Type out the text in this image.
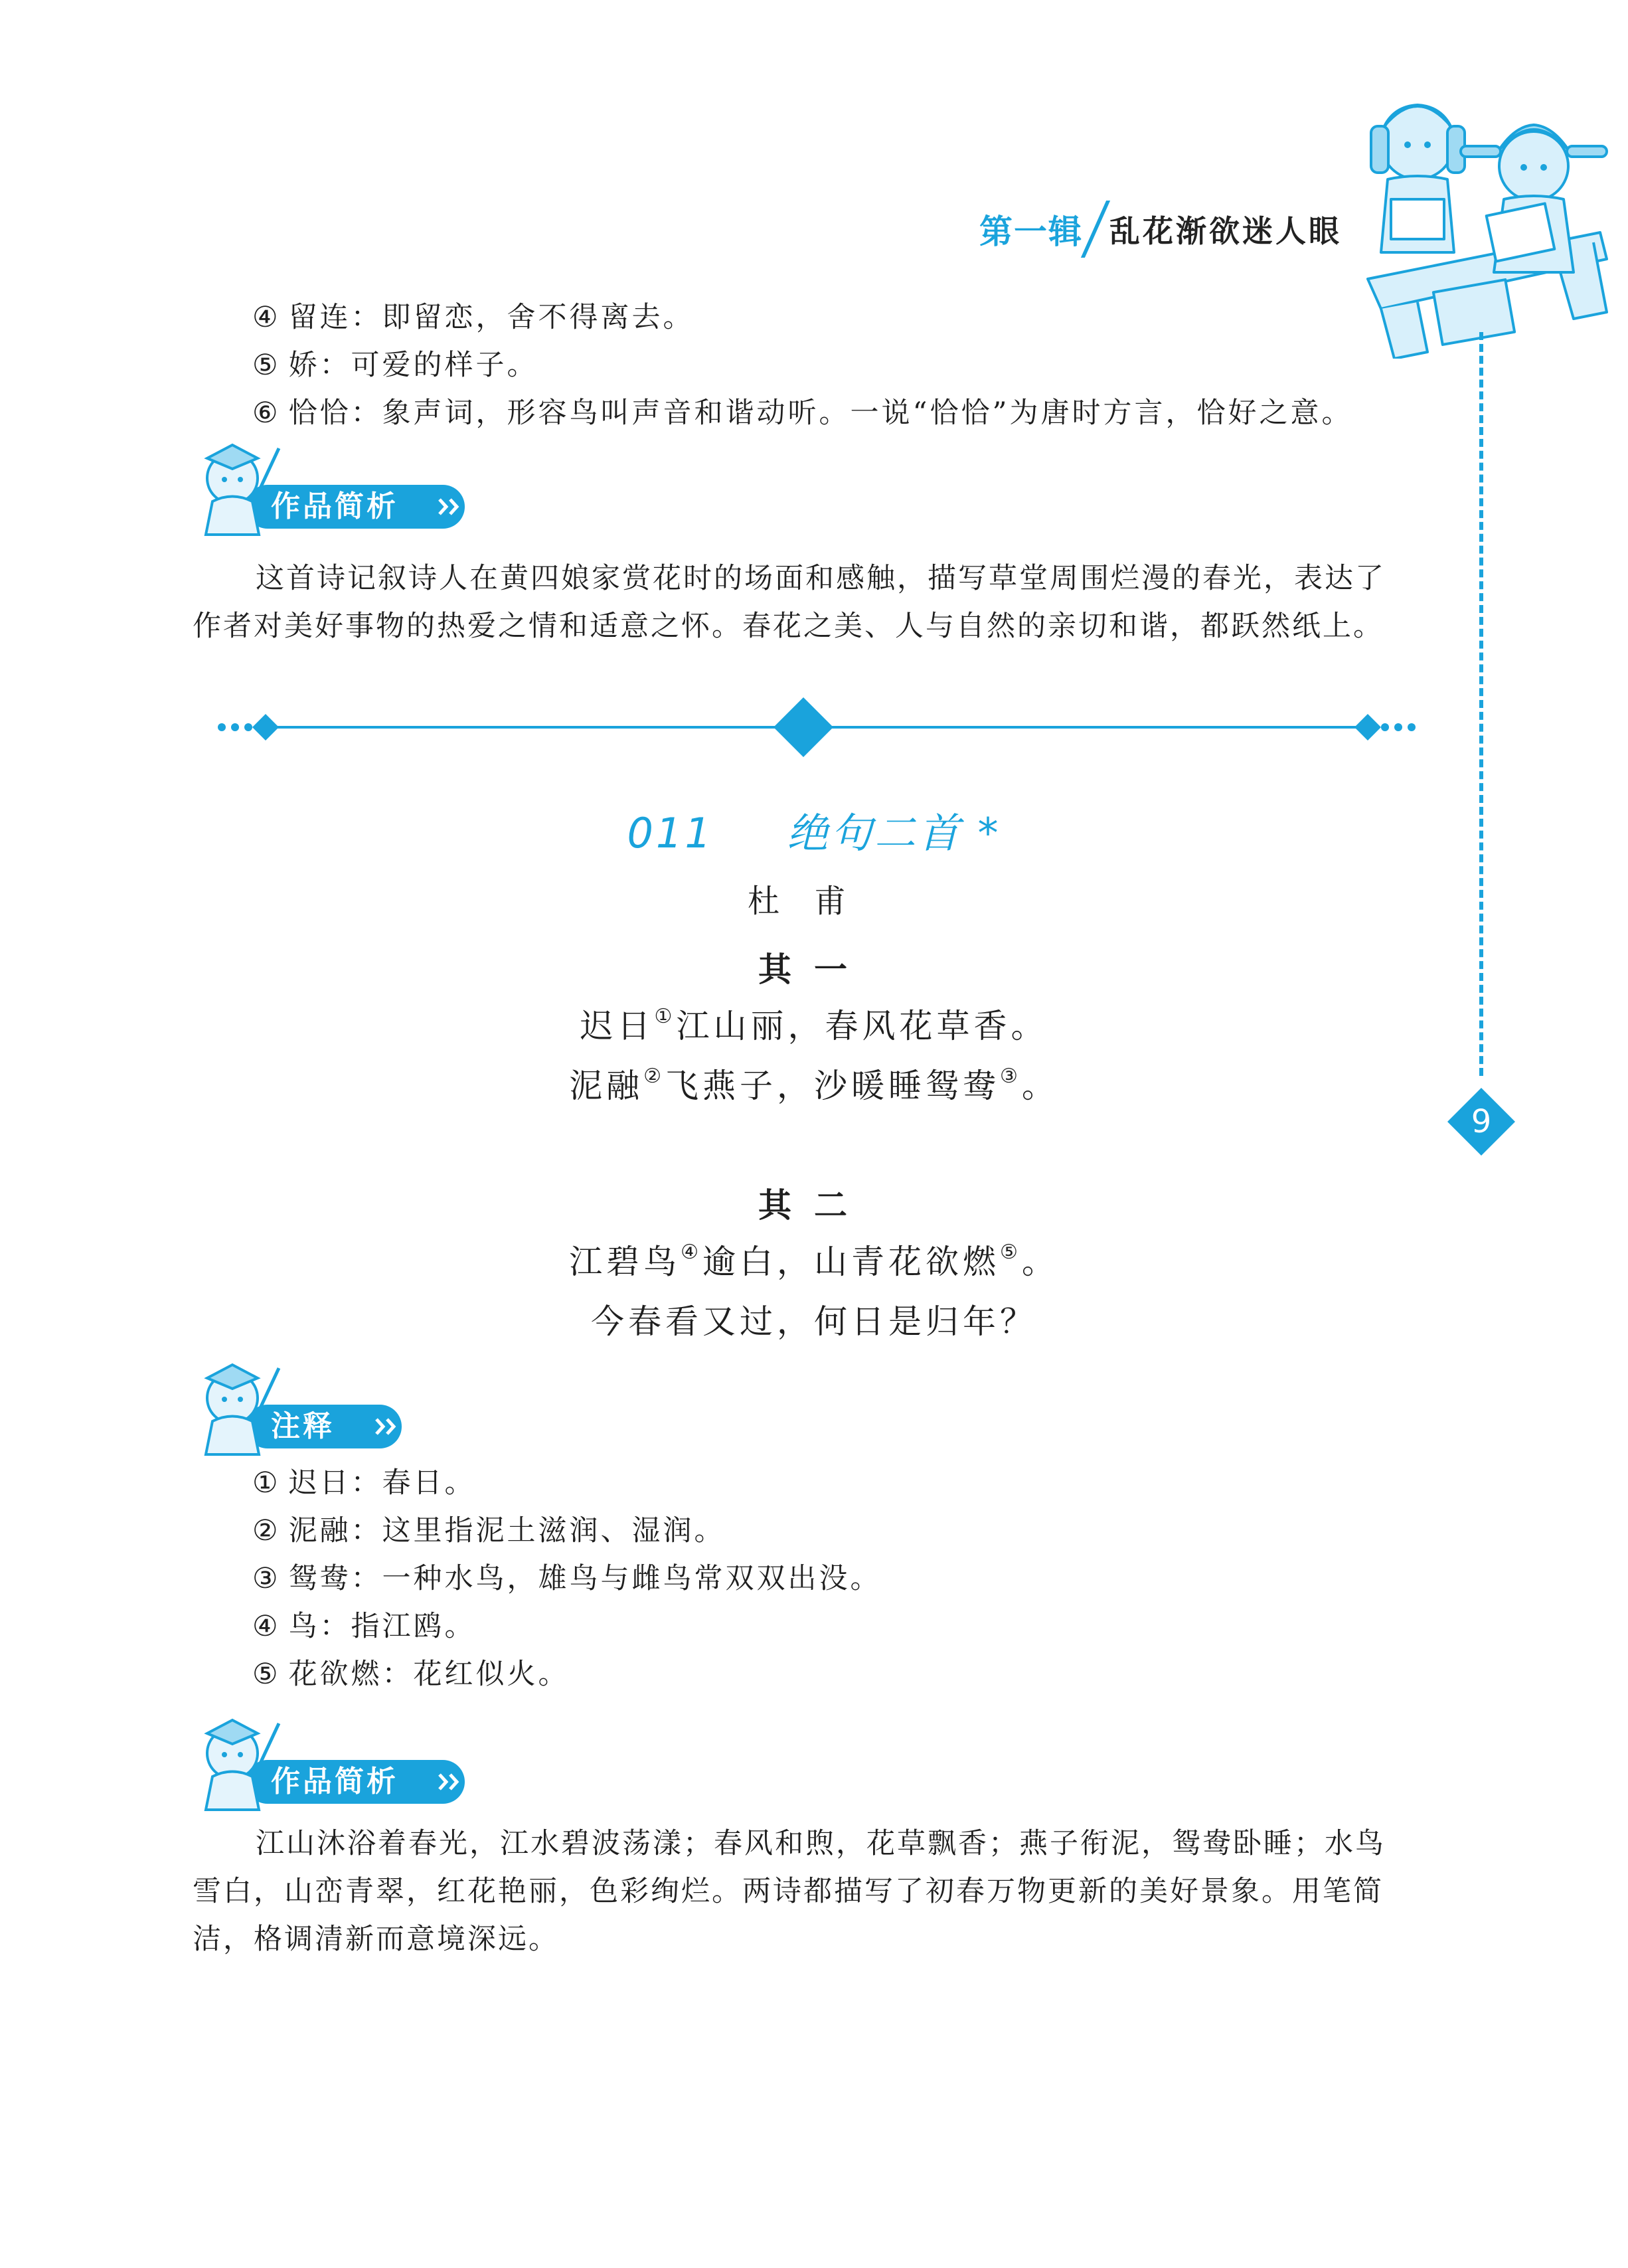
第一辑 乱花渐欲迷人眼
9
④ 留连：即留恋，舍不得离去。
⑤ 娇：可爱的样子。
⑥ 恰恰：象声词，形容鸟叫声音和谐动听。一说“恰恰”为唐时方言，恰好之意。
作品简析
这首诗记叙诗人在黄四娘家赏花时的场面和感触，描写草堂周围烂漫的春光，表达了
作者对美好事物的热爱之情和适意之怀。春花之美、人与自然的亲切和谐，都跃然纸上。
011 绝句二首 *
杜甫
其一
迟日①江山丽，春风花草香。
泥融②飞燕子，沙暖睡鸳鸯③。
其二
江碧鸟④逾白，山青花欲燃⑤。
今春看又过，何日是归年？
注释
① 迟日：春日。
② 泥融：这里指泥土滋润、湿润。
③ 鸳鸯：一种水鸟，雄鸟与雌鸟常双双出没。
④ 鸟：指江鸥。
⑤ 花欲燃：花红似火。
作品简析
江山沐浴着春光，江水碧波荡漾；春风和煦，花草飘香；燕子衔泥，鸳鸯卧睡；水鸟
雪白，山峦青翠，红花艳丽，色彩绚烂。两诗都描写了初春万物更新的美好景象。用笔简
洁，格调清新而意境深远。
